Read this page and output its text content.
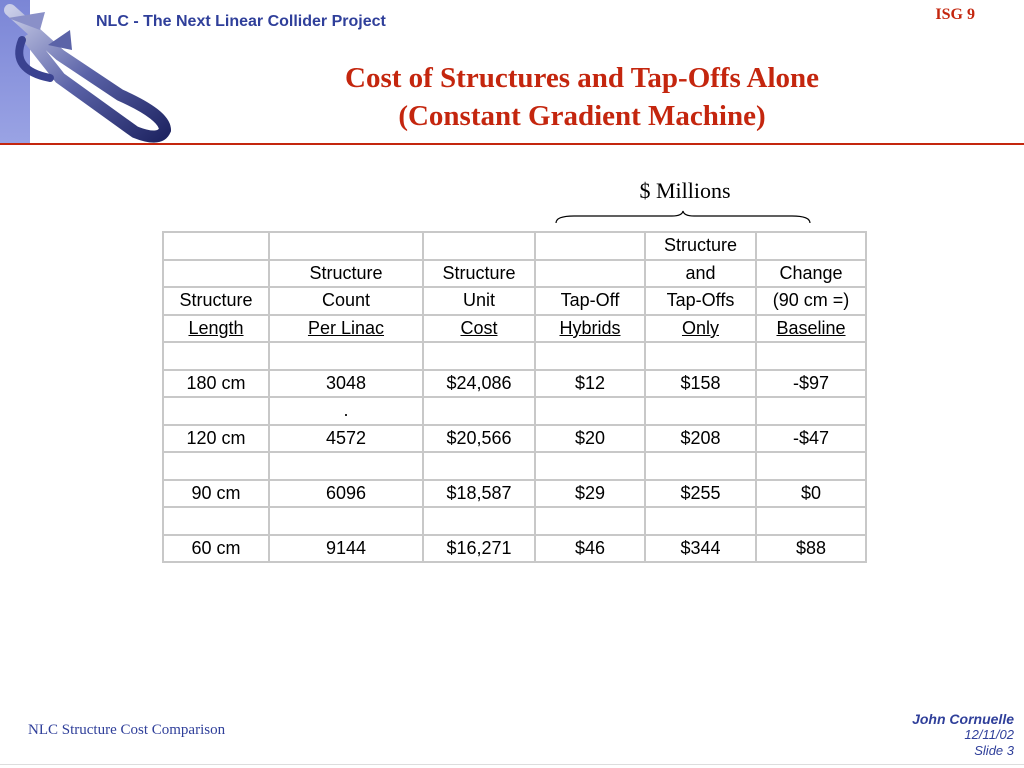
NLC - The Next Linear Collider Project	ISG 9
Cost of Structures and Tap-Offs Alone
(Constant Gradient Machine)
$ Millions
				Structure	
	Structure	Structure		and	Change
Structure	Count	Unit	Tap-Off	Tap-Offs	(90 cm =)
Length	Per Linac	Cost	Hybrids	Only	Baseline

180 cm	3048	$24,086	$12	$158	-$97
	.				
120 cm	4572	$20,566	$20	$208	-$47

90 cm	6096	$18,587	$29	$255	$0

60 cm	9144	$16,271	$46	$344	$88
NLC Structure Cost Comparison
John Cornuelle
12/11/02
Slide 3
